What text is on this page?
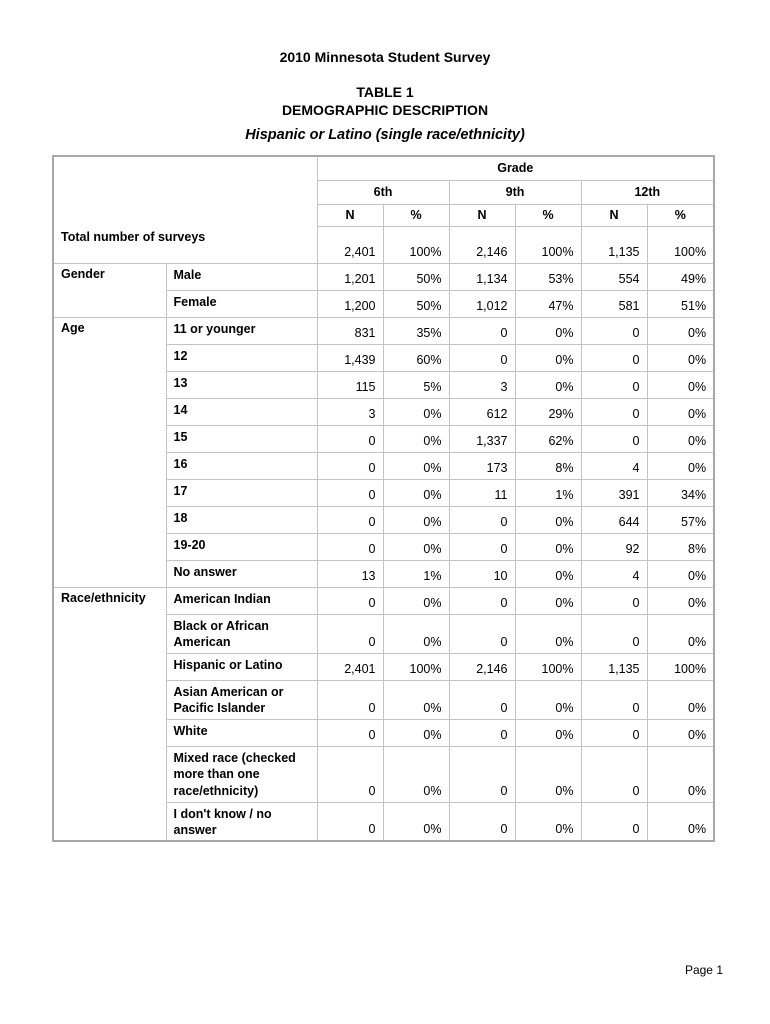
2010 Minnesota Student Survey
TABLE 1
DEMOGRAPHIC DESCRIPTION
Hispanic or Latino (single race/ethnicity)
		Grade					
		6th		9th		12th	
		N	%	N	%	N	%
Total number of surveys		2,401	100%	2,146	100%	1,135	100%
Gender	Male	1,201	50%	1,134	53%	554	49%
	Female	1,200	50%	1,012	47%	581	51%
Age	11 or younger	831	35%	0	0%	0	0%
	12	1,439	60%	0	0%	0	0%
	13	115	5%	3	0%	0	0%
	14	3	0%	612	29%	0	0%
	15	0	0%	1,337	62%	0	0%
	16	0	0%	173	8%	4	0%
	17	0	0%	11	1%	391	34%
	18	0	0%	0	0%	644	57%
	19-20	0	0%	0	0%	92	8%
	No answer	13	1%	10	0%	4	0%
Race/ethnicity	American Indian	0	0%	0	0%	0	0%
	Black or African American	0	0%	0	0%	0	0%
	Hispanic or Latino	2,401	100%	2,146	100%	1,135	100%
	Asian American or Pacific Islander	0	0%	0	0%	0	0%
	White	0	0%	0	0%	0	0%
	Mixed race (checked more than one race/ethnicity)	0	0%	0	0%	0	0%
	I don't know / no answer	0	0%	0	0%	0	0%
Page 1
